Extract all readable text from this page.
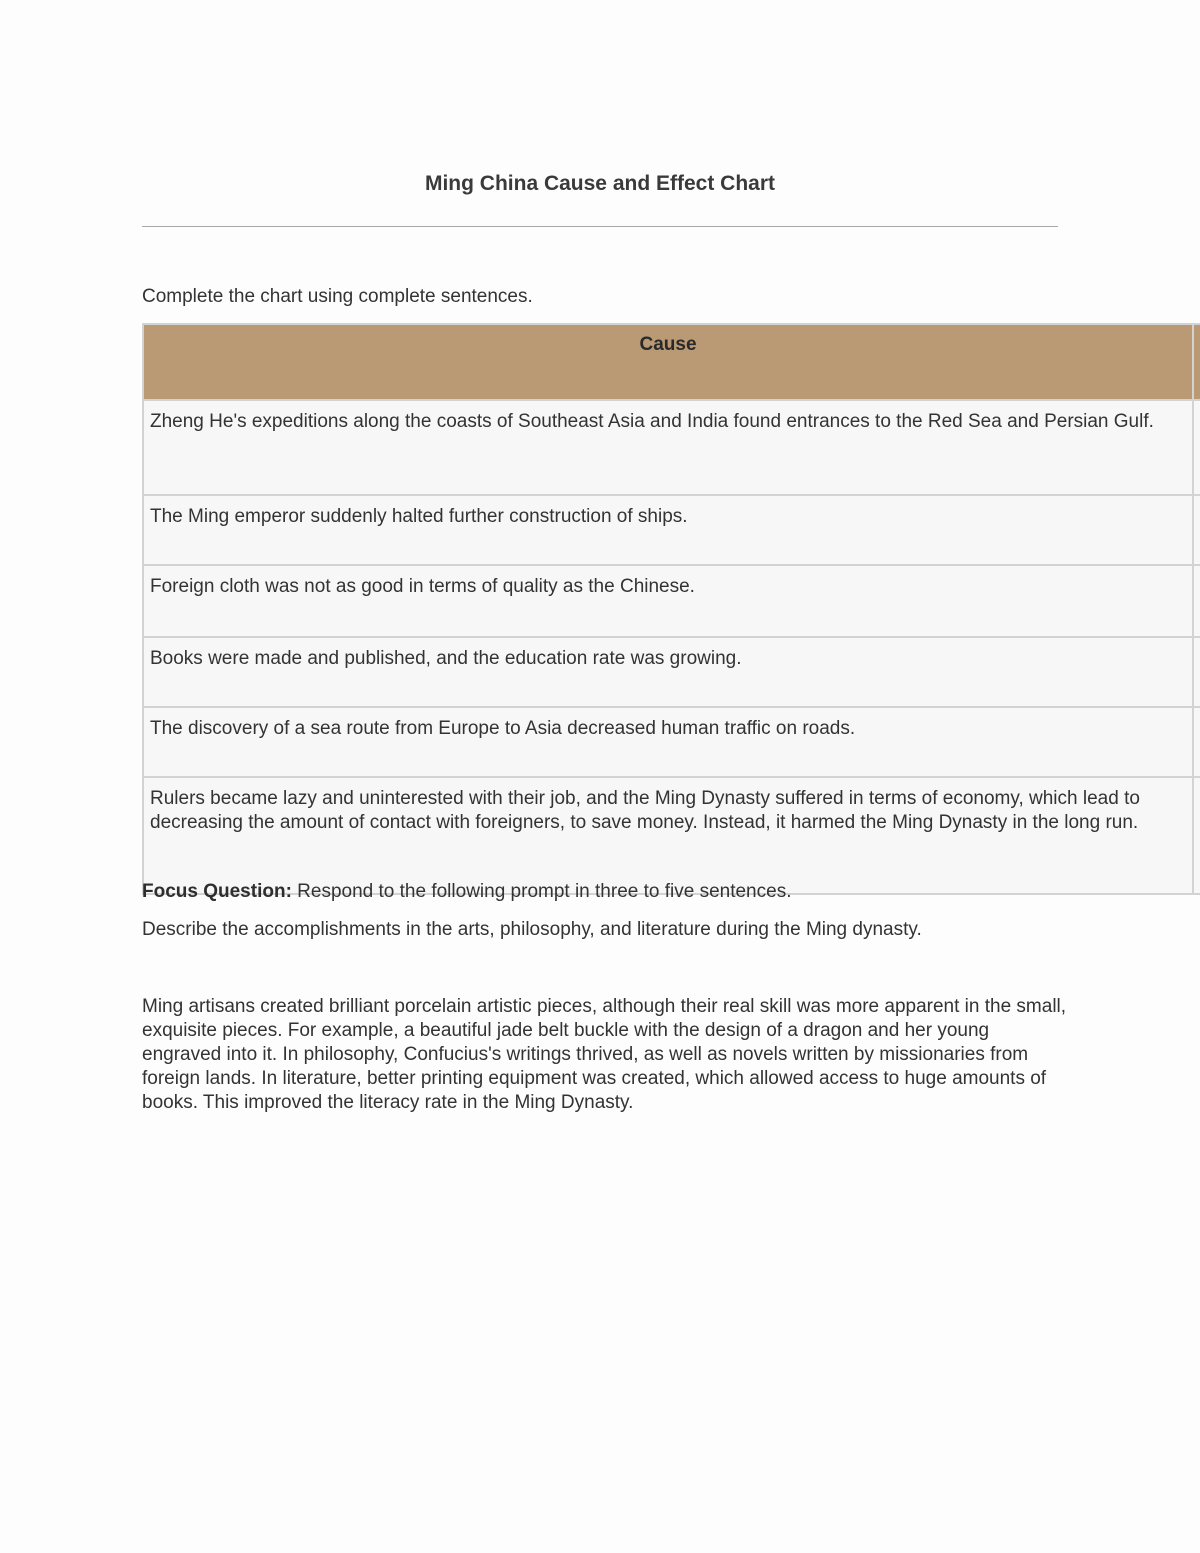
Ming China Cause and Effect Chart

Complete the chart using complete sentences.

Cause	
Zheng He's expeditions along the coasts of Southeast Asia and India found entrances to the Red Sea and Persian Gulf.	
The Ming emperor suddenly halted further construction of ships.	
Foreign cloth was not as good in terms of quality as the Chinese.	
Books were made and published, and the education rate was growing.	
The discovery of a sea route from Europe to Asia decreased human traffic on roads.	
Rulers became lazy and uninterested with their job, and the Ming Dynasty suffered in terms of economy, which lead to decreasing the amount of contact with foreigners, to save money. Instead, it harmed the Ming Dynasty in the long run.	

Focus Question: Respond to the following prompt in three to five sentences.

Describe the accomplishments in the arts, philosophy, and literature during the Ming dynasty.

Ming artisans created brilliant porcelain artistic pieces, although their real skill was more apparent in the small, exquisite pieces. For example, a beautiful jade belt buckle with the design of a dragon and her young engraved into it. In philosophy, Confucius's writings thrived, as well as novels written by missionaries from foreign lands. In literature, better printing equipment was created, which allowed access to huge amounts of books. This improved the literacy rate in the Ming Dynasty.
